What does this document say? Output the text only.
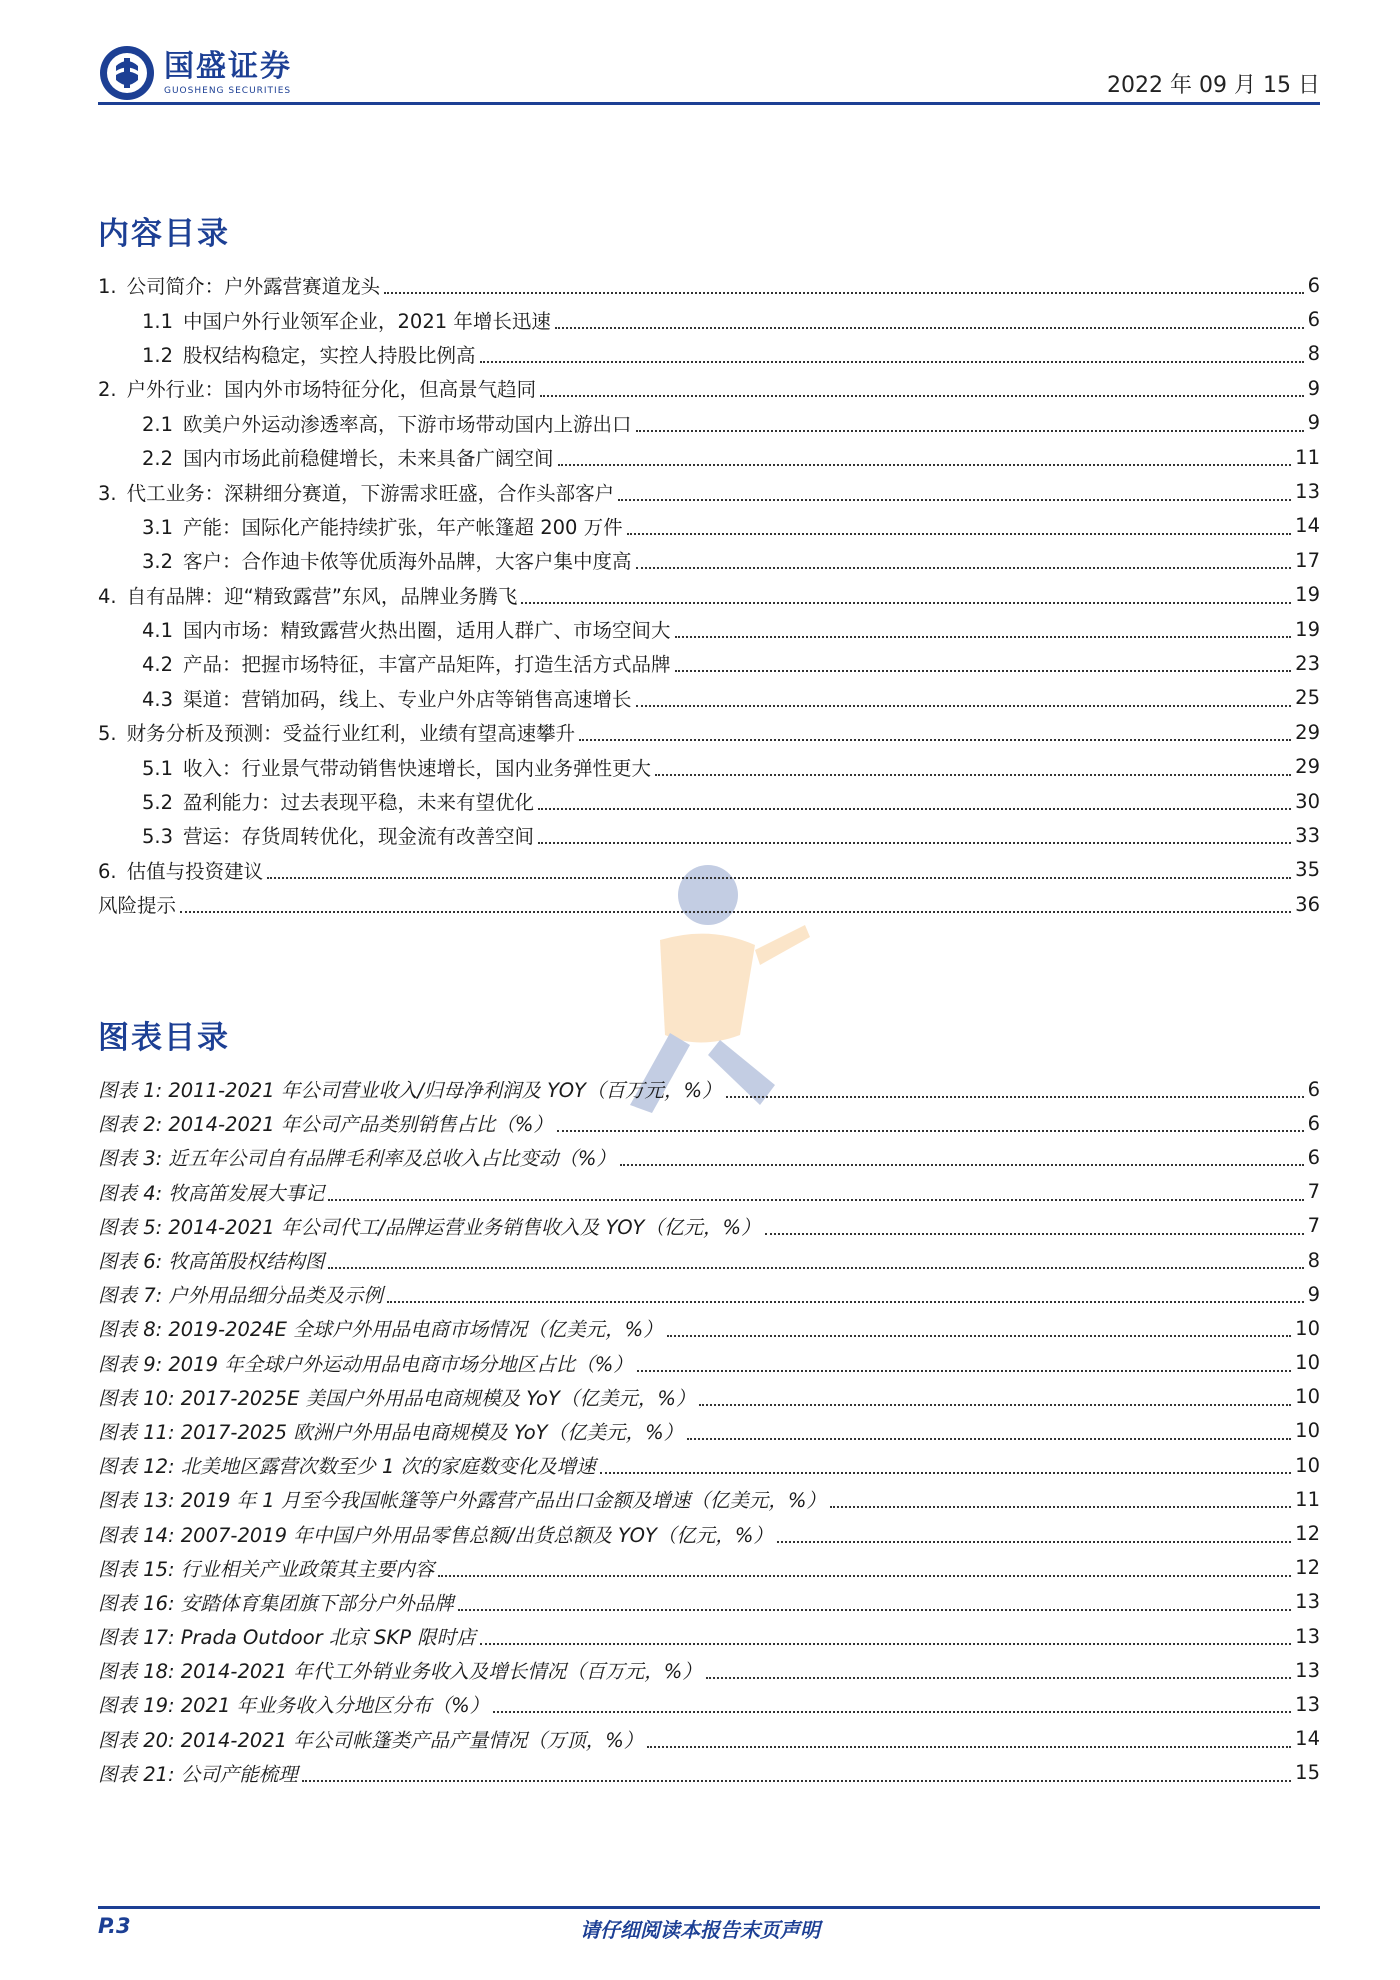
国盛证券
GUOSHENG SECURITIES	2022 年 09 月 15 日
内容目录
1. 公司简介：户外露营赛道龙头	6
1.1 中国户外行业领军企业，2021 年增长迅速	6
1.2 股权结构稳定，实控人持股比例高	8
2. 户外行业：国内外市场特征分化，但高景气趋同	9
2.1 欧美户外运动渗透率高，下游市场带动国内上游出口	9
2.2 国内市场此前稳健增长，未来具备广阔空间	11
3. 代工业务：深耕细分赛道，下游需求旺盛，合作头部客户	13
3.1 产能：国际化产能持续扩张，年产帐篷超 200 万件	14
3.2 客户：合作迪卡侬等优质海外品牌，大客户集中度高	17
4. 自有品牌：迎“精致露营”东风，品牌业务腾飞	19
4.1 国内市场：精致露营火热出圈，适用人群广、市场空间大	19
4.2 产品：把握市场特征，丰富产品矩阵，打造生活方式品牌	23
4.3 渠道：营销加码，线上、专业户外店等销售高速增长	25
5. 财务分析及预测：受益行业红利，业绩有望高速攀升	29
5.1 收入：行业景气带动销售快速增长，国内业务弹性更大	29
5.2 盈利能力：过去表现平稳，未来有望优化	30
5.3 营运：存货周转优化，现金流有改善空间	33
6. 估值与投资建议	35
风险提示	36
图表目录
图表 1: 2011-2021 年公司营业收入/归母净利润及 YOY（百万元，%）	6
图表 2: 2014-2021 年公司产品类别销售占比（%）	6
图表 3: 近五年公司自有品牌毛利率及总收入占比变动（%）	6
图表 4: 牧高笛发展大事记	7
图表 5: 2014-2021 年公司代工/品牌运营业务销售收入及 YOY（亿元，%）	7
图表 6: 牧高笛股权结构图	8
图表 7: 户外用品细分品类及示例	9
图表 8: 2019-2024E 全球户外用品电商市场情况（亿美元，%）	10
图表 9: 2019 年全球户外运动用品电商市场分地区占比（%）	10
图表 10: 2017-2025E 美国户外用品电商规模及 YoY（亿美元，%）	10
图表 11: 2017-2025 欧洲户外用品电商规模及 YoY（亿美元，%）	10
图表 12: 北美地区露营次数至少 1 次的家庭数变化及增速	10
图表 13: 2019 年 1 月至今我国帐篷等户外露营产品出口金额及增速（亿美元，%）	11
图表 14: 2007-2019 年中国户外用品零售总额/出货总额及 YOY（亿元，%）	12
图表 15: 行业相关产业政策其主要内容	12
图表 16: 安踏体育集团旗下部分户外品牌	13
图表 17: Prada Outdoor 北京 SKP 限时店	13
图表 18: 2014-2021 年代工外销业务收入及增长情况（百万元，%）	13
图表 19: 2021 年业务收入分地区分布（%）	13
图表 20: 2014-2021 年公司帐篷类产品产量情况（万顶，%）	14
图表 21: 公司产能梳理	15
P.3	请仔细阅读本报告末页声明
